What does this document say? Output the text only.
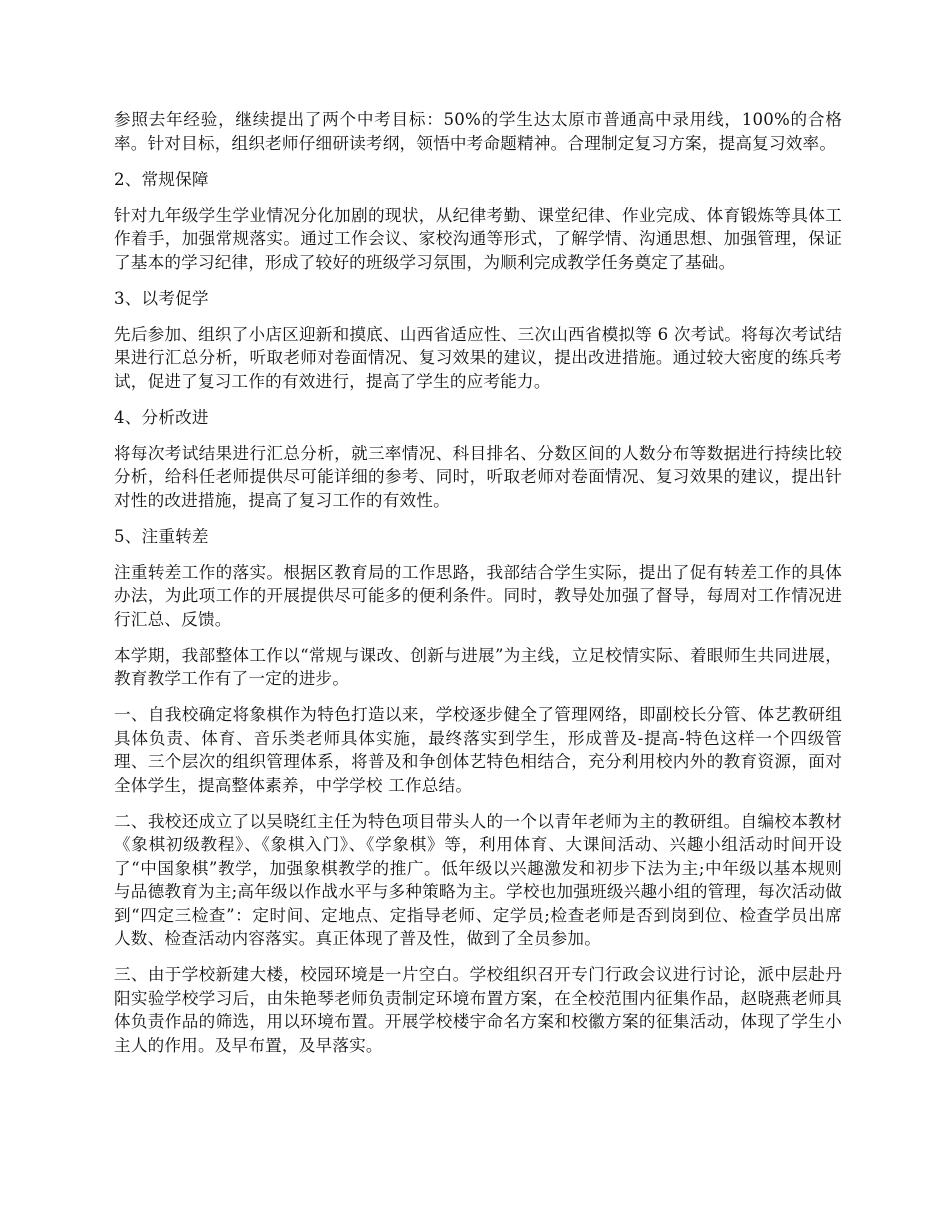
参照去年经验，继续提出了两个中考目标：50%的学生达太原市普通高中录用线，100%的合格率。针对目标，组织老师仔细研读考纲，领悟中考命题精神。合理制定复习方案，提高复习效率。

2、常规保障

针对九年级学生学业情况分化加剧的现状，从纪律考勤、课堂纪律、作业完成、体育锻炼等具体工作着手，加强常规落实。通过工作会议、家校沟通等形式，了解学情、沟通思想、加强管理，保证了基本的学习纪律，形成了较好的班级学习氛围，为顺利完成教学任务奠定了基础。

3、以考促学

先后参加、组织了小店区迎新和摸底、山西省适应性、三次山西省模拟等 6 次考试。将每次考试结果进行汇总分析，听取老师对卷面情况、复习效果的建议，提出改进措施。通过较大密度的练兵考试，促进了复习工作的有效进行，提高了学生的应考能力。

4、分析改进

将每次考试结果进行汇总分析，就三率情况、科目排名、分数区间的人数分布等数据进行持续比较分析，给科任老师提供尽可能详细的参考、同时，听取老师对卷面情况、复习效果的建议，提出针对性的改进措施，提高了复习工作的有效性。

5、注重转差

注重转差工作的落实。根据区教育局的工作思路，我部结合学生实际，提出了促有转差工作的具体办法，为此项工作的开展提供尽可能多的便利条件。同时，教导处加强了督导，每周对工作情况进行汇总、反馈。

本学期，我部整体工作以“常规与课改、创新与进展”为主线，立足校情实际、着眼师生共同进展，教育教学工作有了一定的进步。

一、自我校确定将象棋作为特色打造以来，学校逐步健全了管理网络，即副校长分管、体艺教研组具体负责、体育、音乐类老师具体实施，最终落实到学生，形成普及-提高-特色这样一个四级管理、三个层次的组织管理体系，将普及和争创体艺特色相结合，充分利用校内外的教育资源，面对全体学生，提高整体素养，中学学校 工作总结。

二、我校还成立了以吴晓红主任为特色项目带头人的一个以青年老师为主的教研组。自编校本教材《象棋初级教程》、《象棋入门》、《学象棋》等，利用体育、大课间活动、兴趣小组活动时间开设了“中国象棋”教学，加强象棋教学的推广。低年级以兴趣激发和初步下法为主;中年级以基本规则与品德教育为主;高年级以作战水平与多种策略为主。学校也加强班级兴趣小组的管理，每次活动做到“四定三检查”：定时间、定地点、定指导老师、定学员;检查老师是否到岗到位、检查学员出席人数、检查活动内容落实。真正体现了普及性，做到了全员参加。

三、由于学校新建大楼，校园环境是一片空白。学校组织召开专门行政会议进行讨论，派中层赴丹阳实验学校学习后，由朱艳琴老师负责制定环境布置方案，在全校范围内征集作品，赵晓燕老师具体负责作品的筛选，用以环境布置。开展学校楼宇命名方案和校徽方案的征集活动，体现了学生小主人的作用。及早布置，及早落实。
